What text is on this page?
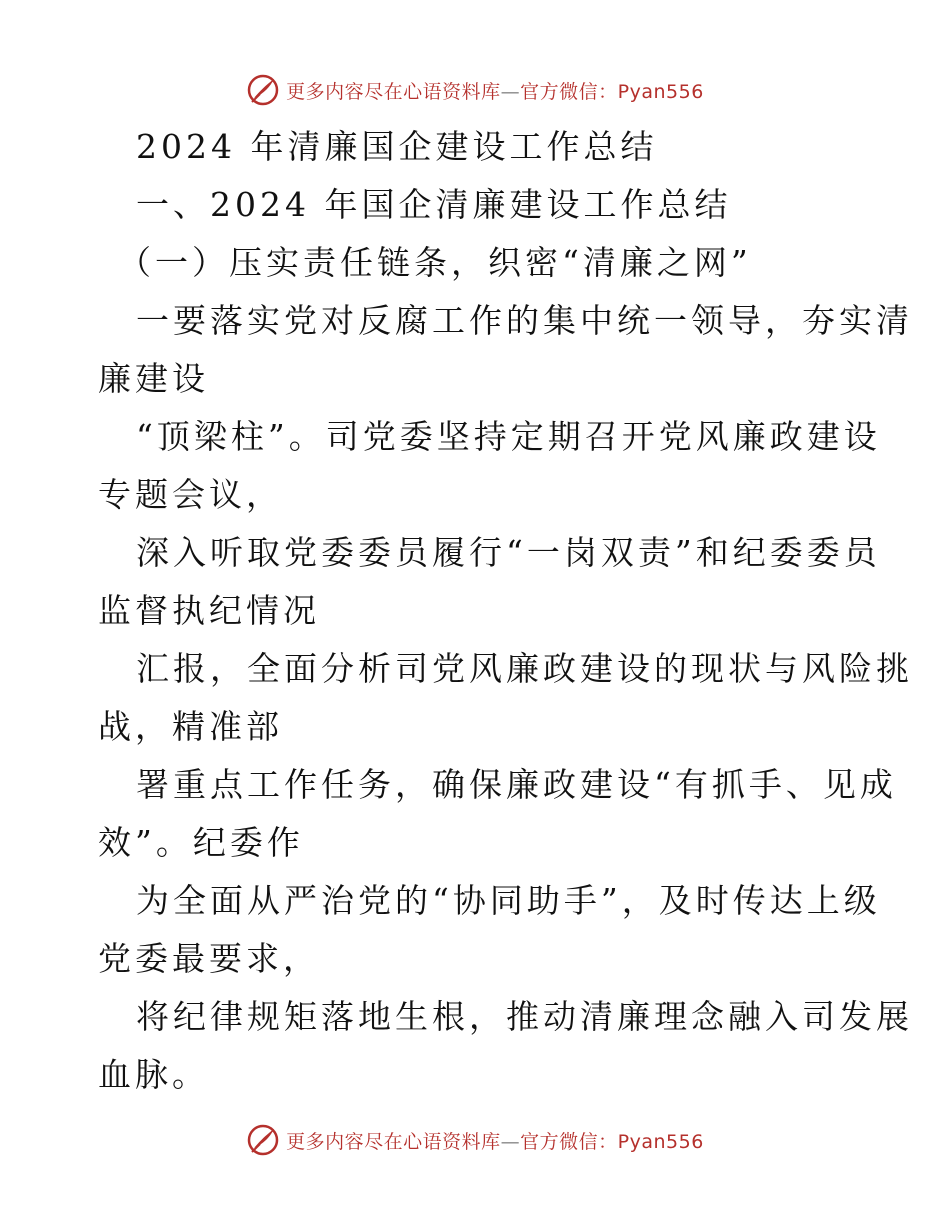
更多内容尽在心语资料库—官方微信：Pyan556

2024 年清廉国企建设工作总结

一、2024 年国企清廉建设工作总结

（一）压实责任链条，织密“清廉之网”

一要落实党对反腐工作的集中统一领导，夯实清

廉建设

“顶梁柱”。司党委坚持定期召开党风廉政建设

专题会议，

深入听取党委委员履行“一岗双责”和纪委委员

监督执纪情况

汇报，全面分析司党风廉政建设的现状与风险挑

战，精准部

署重点工作任务，确保廉政建设“有抓手、见成

效”。纪委作

为全面从严治党的“协同助手”，及时传达上级

党委最要求，

将纪律规矩落地生根，推动清廉理念融入司发展

血脉。

更多内容尽在心语资料库—官方微信：Pyan556
